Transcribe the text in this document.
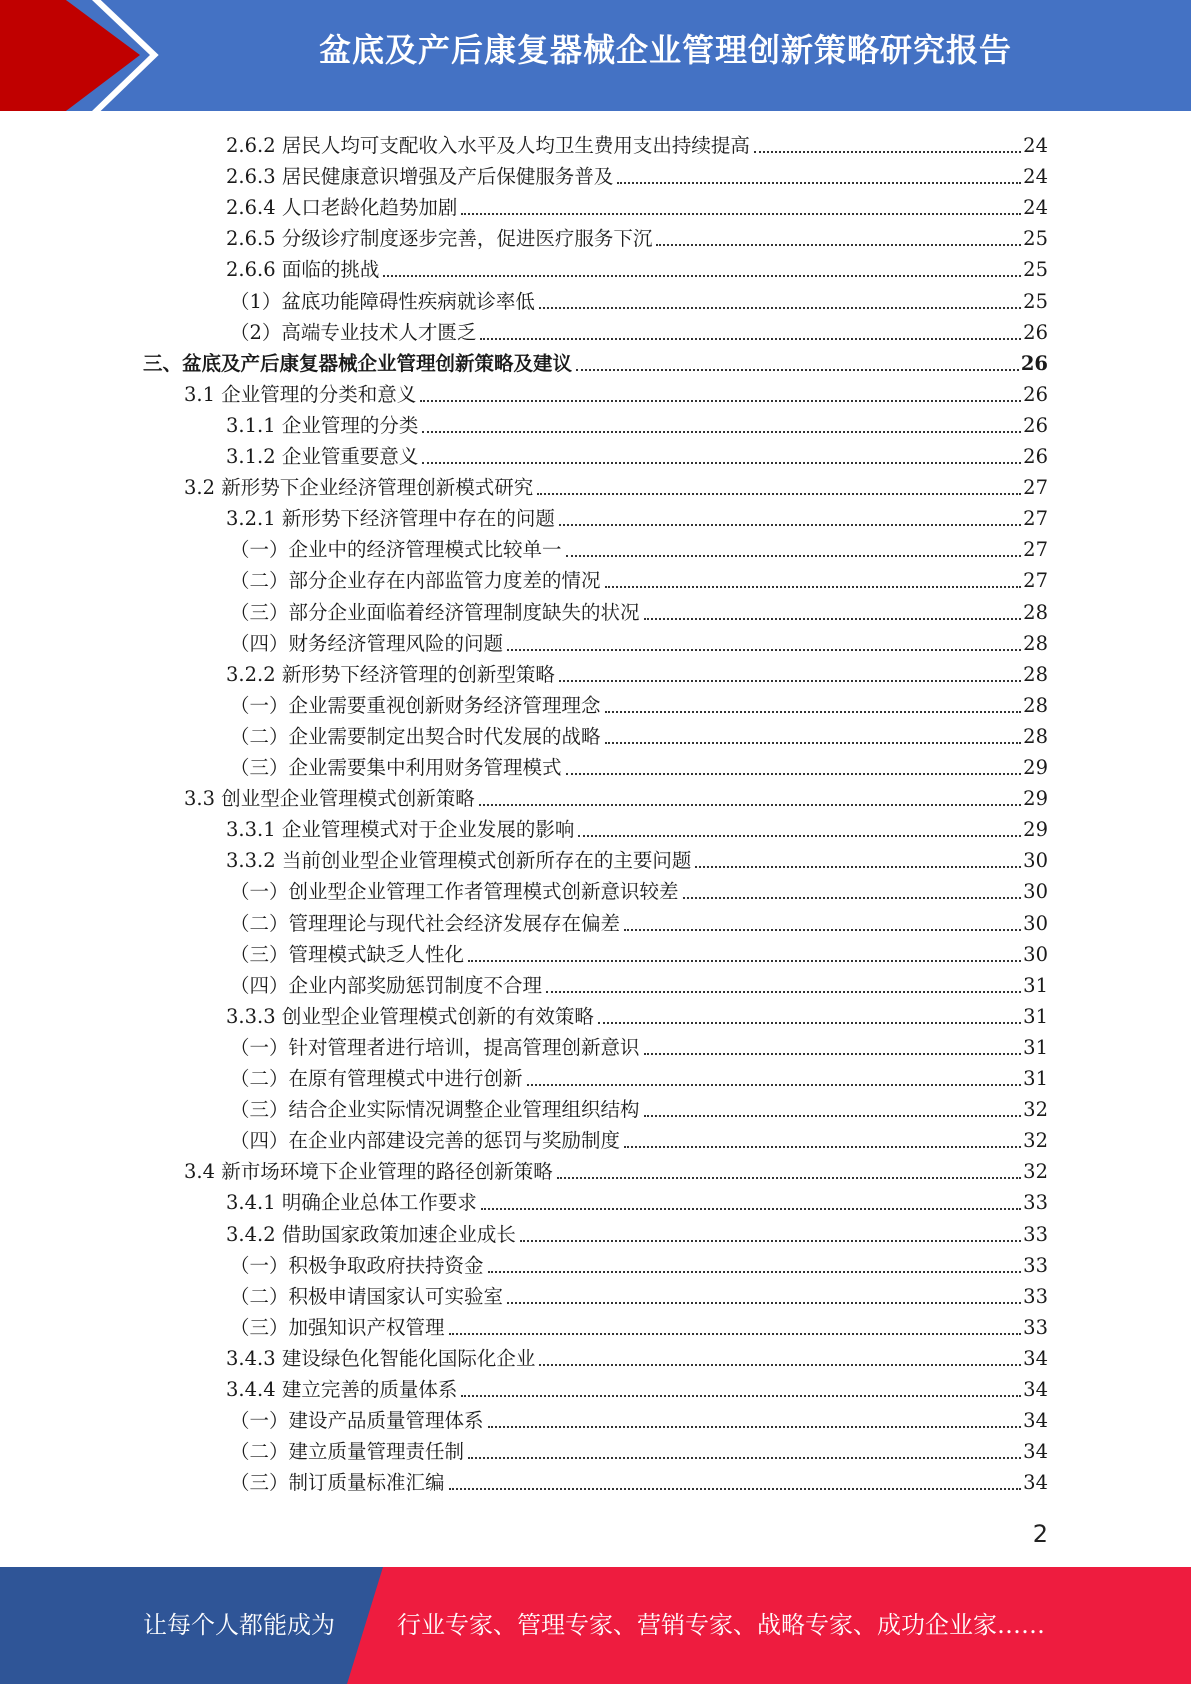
盆底及产后康复器械企业管理创新策略研究报告
2.6.2 居民人均可支配收入水平及人均卫生费用支出持续提高	24
2.6.3 居民健康意识增强及产后保健服务普及	24
2.6.4 人口老龄化趋势加剧	24
2.6.5 分级诊疗制度逐步完善，促进医疗服务下沉	25
2.6.6 面临的挑战	25
（1）盆底功能障碍性疾病就诊率低	25
（2）高端专业技术人才匮乏	26
三、盆底及产后康复器械企业管理创新策略及建议	26
3.1 企业管理的分类和意义	26
3.1.1 企业管理的分类	26
3.1.2 企业管重要意义	26
3.2 新形势下企业经济管理创新模式研究	27
3.2.1 新形势下经济管理中存在的问题	27
（一）企业中的经济管理模式比较单一	27
（二）部分企业存在内部监管力度差的情况	27
（三）部分企业面临着经济管理制度缺失的状况	28
（四）财务经济管理风险的问题	28
3.2.2 新形势下经济管理的创新型策略	28
（一）企业需要重视创新财务经济管理理念	28
（二）企业需要制定出契合时代发展的战略	28
（三）企业需要集中利用财务管理模式	29
3.3 创业型企业管理模式创新策略	29
3.3.1 企业管理模式对于企业发展的影响	29
3.3.2 当前创业型企业管理模式创新所存在的主要问题	30
（一）创业型企业管理工作者管理模式创新意识较差	30
（二）管理理论与现代社会经济发展存在偏差	30
（三）管理模式缺乏人性化	30
（四）企业内部奖励惩罚制度不合理	31
3.3.3 创业型企业管理模式创新的有效策略	31
（一）针对管理者进行培训，提高管理创新意识	31
（二）在原有管理模式中进行创新	31
（三）结合企业实际情况调整企业管理组织结构	32
（四）在企业内部建设完善的惩罚与奖励制度	32
3.4 新市场环境下企业管理的路径创新策略	32
3.4.1 明确企业总体工作要求	33
3.4.2 借助国家政策加速企业成长	33
（一）积极争取政府扶持资金	33
（二）积极申请国家认可实验室	33
（三）加强知识产权管理	33
3.4.3 建设绿色化智能化国际化企业	34
3.4.4 建立完善的质量体系	34
（一）建设产品质量管理体系	34
（二）建立质量管理责任制	34
（三）制订质量标准汇编	34
2
让每个人都能成为	行业专家、管理专家、营销专家、战略专家、成功企业家……
